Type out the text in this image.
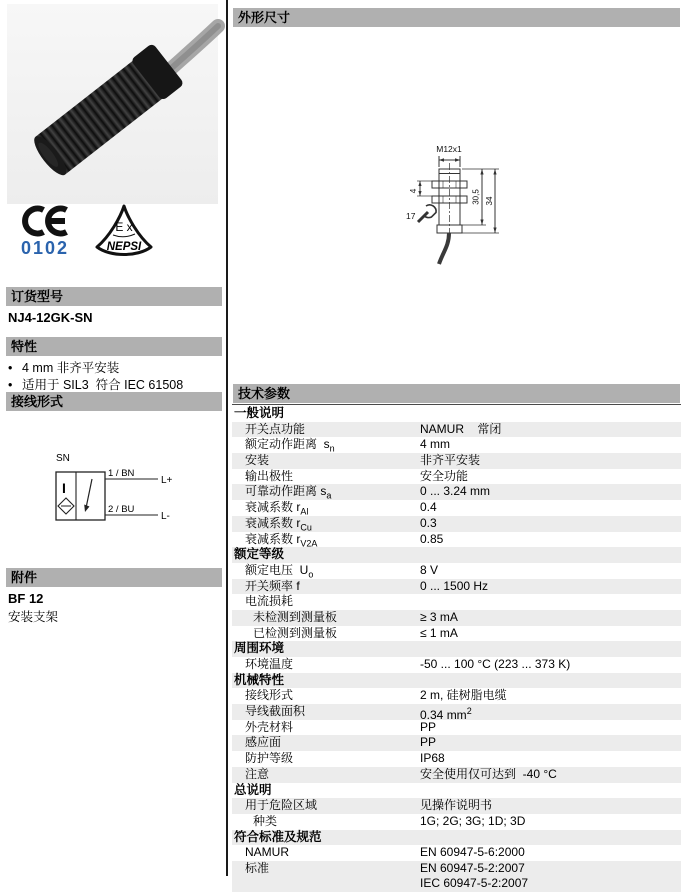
0102
E x
NEPSI
订货型号
NJ4-12GK-SN
特性
• 4 mm 非齐平安装
• 适用于 SIL3  符合 IEC 61508
接线形式
SN
I
1 / BN
2 / BU
L+
L-
附件
BF 12
安装支架
外形尺寸
M12x1
4
17
30,5 34
技术参数
一般说明
开关点功能	NAMUR    常闭
额定动作距离  $s_n$	4 mm
安装	非齐平安装
输出极性	安全功能
可靠动作距离 $s_a$	0 ... 3.24 mm
衰减系数 $r_{Al}$	0.4
衰减系数 $r_{Cu}$	0.3
衰减系数 $r_{V2A}$	0.85
额定等级
额定电压  $U_o$	8 V
开关频率 f	0 ... 1500 Hz
电流损耗
未检测到测量板	≥ 3 mA
已检测到测量板	≤ 1 mA
周围环境
环境温度	-50 ... 100 °C (223 ... 373 K)
机械特性
接线形式	2 m, 硅树脂电缆
导线截面积	0.34 $mm^2$
外壳材料	PP
感应面	PP
防护等级	IP68
注意	安全使用仅可达到  -40 °C
总说明
用于危险区域	见操作说明书
种类	1G; 2G; 3G; 1D; 3D
符合标准及规范
NAMUR	EN 60947-5-6:2000
标准	EN 60947-5-2:2007
IEC 60947-5-2:2007
